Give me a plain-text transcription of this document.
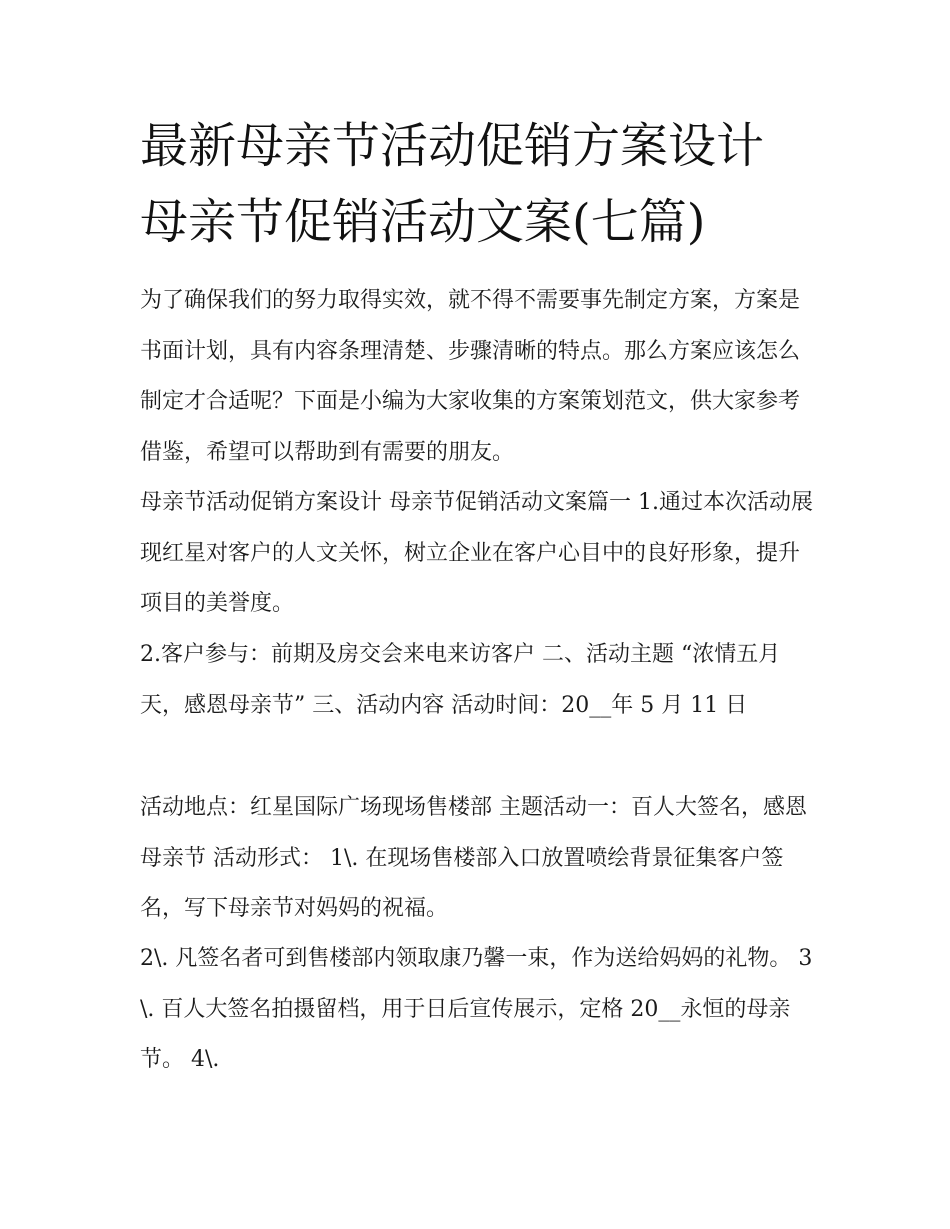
最新母亲节活动促销方案设计
母亲节促销活动文案(七篇)

为了确保我们的努力取得实效，就不得不需要事先制定方案，方案是书面计划，具有内容条理清楚、步骤清晰的特点。那么方案应该怎么制定才合适呢？下面是小编为大家收集的方案策划范文，供大家参考借鉴，希望可以帮助到有需要的朋友。

母亲节活动促销方案设计 母亲节促销活动文案篇一 1.通过本次活动展现红星对客户的人文关怀，树立企业在客户心目中的良好形象，提升项目的美誉度。

2.客户参与：前期及房交会来电来访客户 二、活动主题 “浓情五月天，感恩母亲节” 三、活动内容 活动时间：20__年 5 月 11 日

活动地点：红星国际广场现场售楼部 主题活动一：百人大签名，感恩母亲节 活动形式： 1\. 在现场售楼部入口放置喷绘背景征集客户签名，写下母亲节对妈妈的祝福。

2\. 凡签名者可到售楼部内领取康乃馨一束，作为送给妈妈的礼物。 3\. 百人大签名拍摄留档，用于日后宣传展示，定格 20__永恒的母亲节。 4\.
